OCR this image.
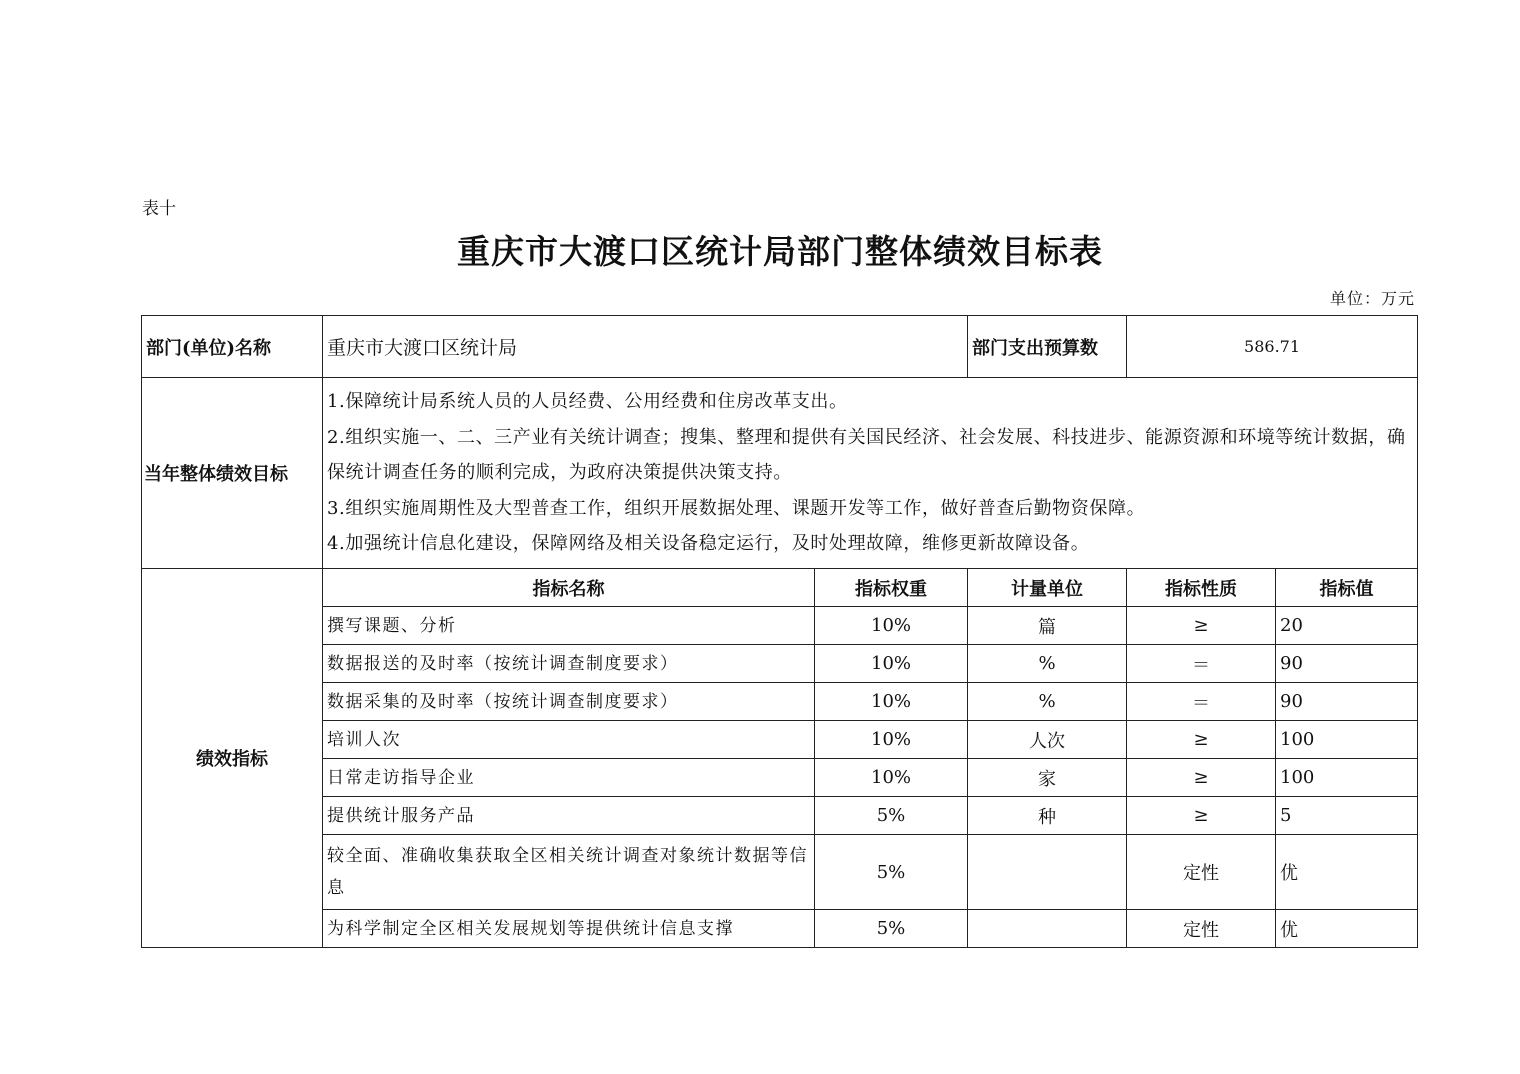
表十
重庆市大渡口区统计局部门整体绩效目标表
单位：万元
部门(单位)名称	重庆市大渡口区统计局		部门支出预算数	586.71	
当年整体绩效目标	1.保障统计局系统人员的人员经费、公用经费和住房改革支出。
2.组织实施一、二、三产业有关统计调查；搜集、整理和提供有关国民经济、社会发展、科技进步、能源资源和环境等统计数据，确保统计调查任务的顺利完成，为政府决策提供决策支持。
3.组织实施周期性及大型普查工作，组织开展数据处理、课题开发等工作，做好普查后勤物资保障。
4.加强统计信息化建设，保障网络及相关设备稳定运行，及时处理故障，维修更新故障设备。				

绩效指标	指标名称	指标权重	计量单位	指标性质	指标值
	撰写课题、分析	10%	篇	≥	20
	数据报送的及时率（按统计调查制度要求）	10%	%	＝	90
	数据采集的及时率（按统计调查制度要求）	10%	%	＝	90
	培训人次	10%	人次	≥	100
	日常走访指导企业	10%	家	≥	100
	提供统计服务产品	5%	种	≥	5
	较全面、准确收集获取全区相关统计调查对象统计数据等信息	5%		定性	优
	为科学制定全区相关发展规划等提供统计信息支撑	5%		定性	优
